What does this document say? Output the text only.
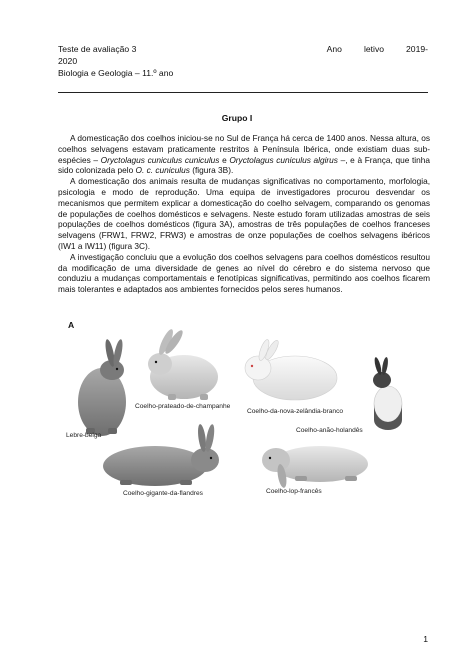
Teste de avaliação 3	Ano	letivo	2019-
2020
Biologia e Geologia – 11.º ano
Grupo I

A domesticação dos coelhos iniciou-se no Sul de França há cerca de 1400 anos. Nessa altura, os coelhos selvagens estavam praticamente restritos à Península Ibérica, onde existiam duas sub-espécies – Oryctolagus cuniculus cuniculus e Oryctolagus cuniculus algirus –, e à França, que tinha sido colonizada pelo O. c. cuniculus (figura 3B).

A domesticação dos animais resulta de mudanças significativas no comportamento, morfologia, psicologia e modo de reprodução. Uma equipa de investigadores procurou desvendar os mecanismos que permitem explicar a domesticação do coelho selvagem, comparando os genomas de populações de coelhos domésticos e selvagens. Neste estudo foram utilizadas amostras de seis populações de coelhos domésticos (figura 3A), amostras de três populações de coelhos franceses selvagens (FRW1, FRW2, FRW3) e amostras de onze populações de coelhos selvagens ibéricos (IW1 a IW11) (figura 3C).

A investigação concluiu que a evolução dos coelhos selvagens para coelhos domésticos resultou da modificação de uma diversidade de genes ao nível do cérebro e do sistema nervoso que conduziu a mudanças comportamentais e fenotípicas significativas, permitindo aos coelhos ficarem mais tolerantes e adaptados aos ambientes fornecidos pelos seres humanos.

A
Lebre-belga
Coelho-prateado-de-champanhe
Coelho-da-nova-zelândia-branco
Coelho-anão-holandês
Coelho-gigante-da-flandres	Coelho-lop-francês
1
